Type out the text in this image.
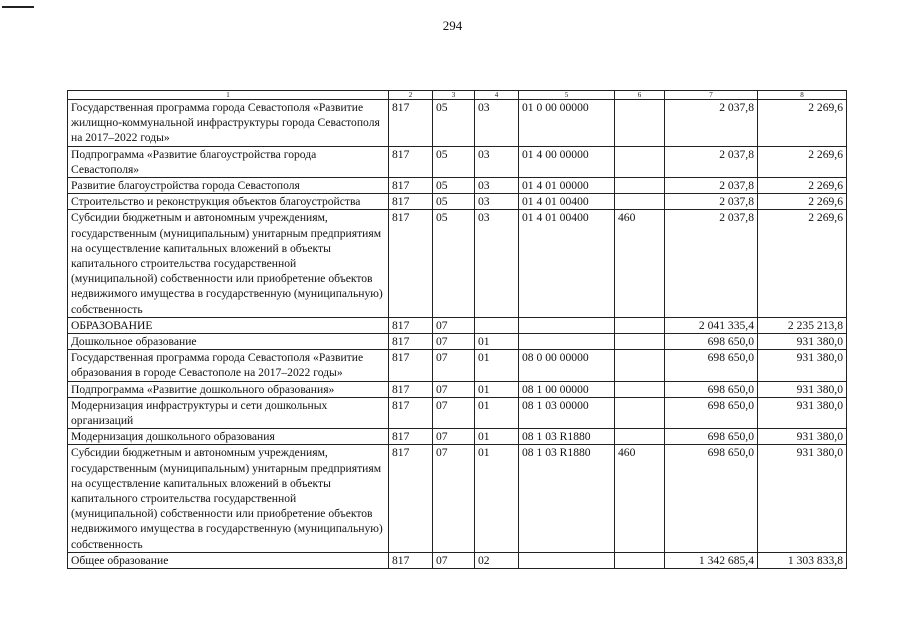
294
1	2	3	4	5	6	7	8
Государственная программа города Севастополя «Развитие жилищно-коммунальной инфраструктуры города Севастополя на 2017–2022 годы»	817	05	03	01 0 00 00000		2 037,8	2 269,6
Подпрограмма «Развитие благоустройства города Севастополя»	817	05	03	01 4 00 00000		2 037,8	2 269,6
Развитие благоустройства города Севастополя	817	05	03	01 4 01 00000		2 037,8	2 269,6
Строительство и реконструкция объектов благоустройства	817	05	03	01 4 01 00400		2 037,8	2 269,6
Субсидии бюджетным и автономным учреждениям, государственным (муниципальным) унитарным предприятиям на осуществление капитальных вложений в объекты капитального строительства государственной (муниципальной) собственности или приобретение объектов недвижимого имущества в государственную (муниципальную) собственность	817	05	03	01 4 01 00400	460	2 037,8	2 269,6
ОБРАЗОВАНИЕ	817	07				2 041 335,4	2 235 213,8
Дошкольное образование	817	07	01			698 650,0	931 380,0
Государственная программа города Севастополя «Развитие образования в городе Севастополе на 2017–2022 годы»	817	07	01	08 0 00 00000		698 650,0	931 380,0
Подпрограмма «Развитие дошкольного образования»	817	07	01	08 1 00 00000		698 650,0	931 380,0
Модернизация инфраструктуры и сети дошкольных организаций	817	07	01	08 1 03 00000		698 650,0	931 380,0
Модернизация дошкольного образования	817	07	01	08 1 03 R1880		698 650,0	931 380,0
Субсидии бюджетным и автономным учреждениям, государственным (муниципальным) унитарным предприятиям на осуществление капитальных вложений в объекты капитального строительства государственной (муниципальной) собственности или приобретение объектов недвижимого имущества в государственную (муниципальную) собственность	817	07	01	08 1 03 R1880	460	698 650,0	931 380,0
Общее образование	817	07	02			1 342 685,4	1 303 833,8
